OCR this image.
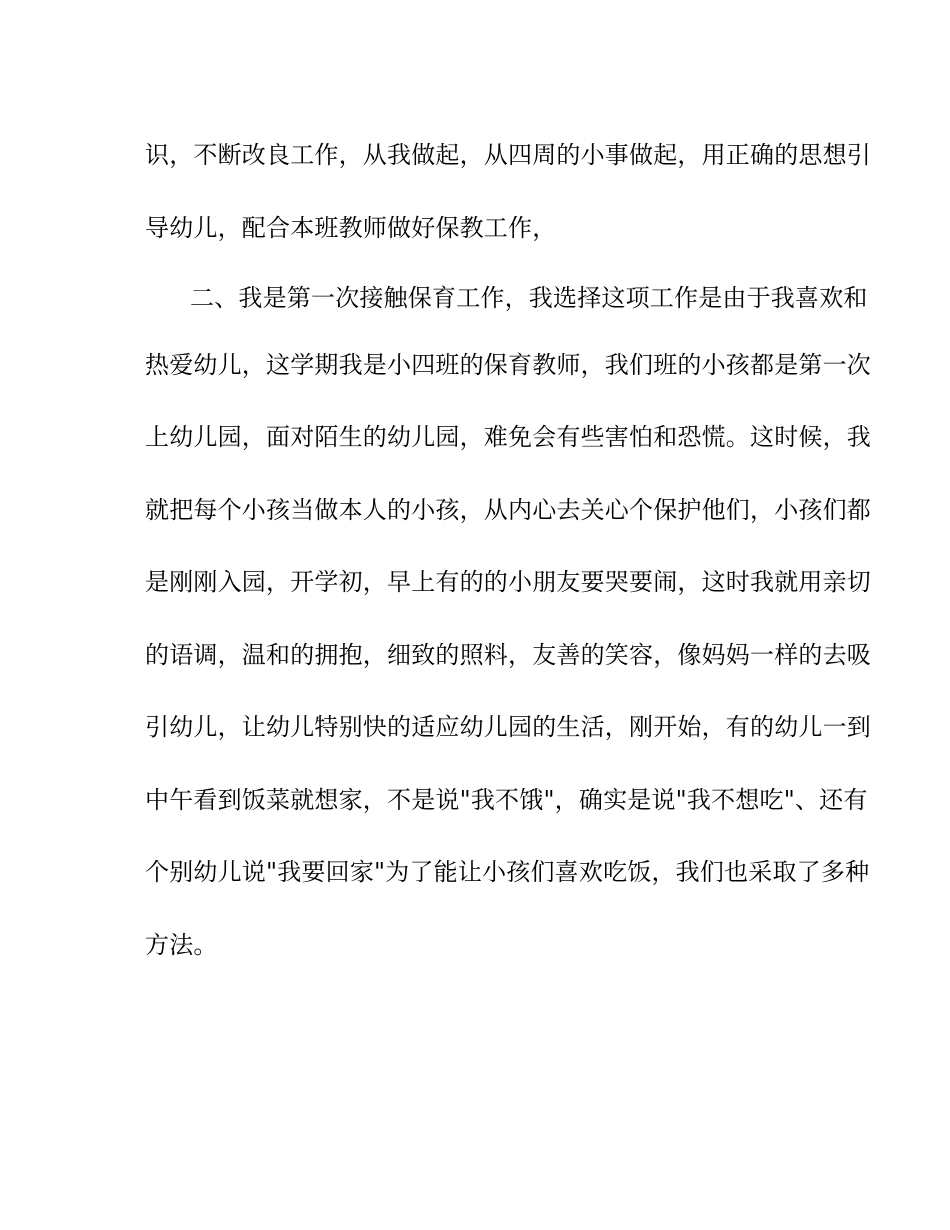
识，不断改良工作，从我做起，从四周的小事做起，用正确的思想引

导幼儿，配合本班教师做好保教工作，

二、我是第一次接触保育工作，我选择这项工作是由于我喜欢和

热爱幼儿，这学期我是小四班的保育教师，我们班的小孩都是第一次

上幼儿园，面对陌生的幼儿园，难免会有些害怕和恐慌。这时候，我

就把每个小孩当做本人的小孩，从内心去关心个保护他们，小孩们都

是刚刚入园，开学初，早上有的的小朋友要哭要闹，这时我就用亲切

的语调，温和的拥抱，细致的照料，友善的笑容，像妈妈一样的去吸

引幼儿，让幼儿特别快的适应幼儿园的生活，刚开始，有的幼儿一到

中午看到饭菜就想家，不是说"我不饿"，确实是说"我不想吃"、还有

个别幼儿说"我要回家"为了能让小孩们喜欢吃饭，我们也采取了多种

方法。
